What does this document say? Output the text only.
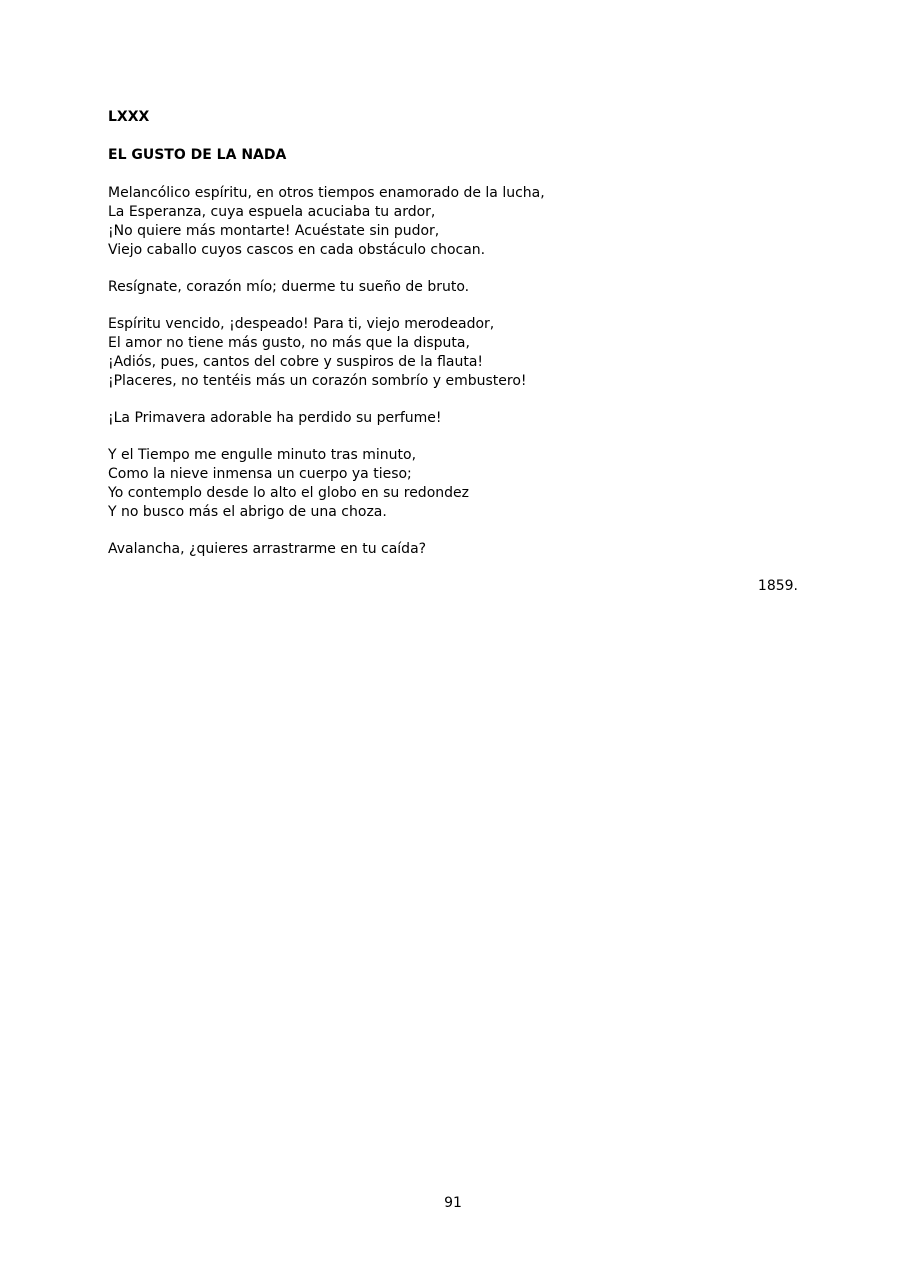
LXXX
EL GUSTO DE LA NADA
Melancólico espíritu, en otros tiempos enamorado de la lucha,
La Esperanza, cuya espuela acuciaba tu ardor,
¡No quiere más montarte! Acuéstate sin pudor,
Viejo caballo cuyos cascos en cada obstáculo chocan.
Resígnate, corazón mío; duerme tu sueño de bruto.
Espíritu vencido, ¡despeado! Para ti, viejo merodeador,
El amor no tiene más gusto, no más que la disputa,
¡Adiós, pues, cantos del cobre y suspiros de la flauta!
¡Placeres, no tentéis más un corazón sombrío y embustero!
¡La Primavera adorable ha perdido su perfume!
Y el Tiempo me engulle minuto tras minuto,
Como la nieve inmensa un cuerpo ya tieso;
Yo contemplo desde lo alto el globo en su redondez
Y no busco más el abrigo de una choza.
Avalancha, ¿quieres arrastrarme en tu caída?
1859.
91
